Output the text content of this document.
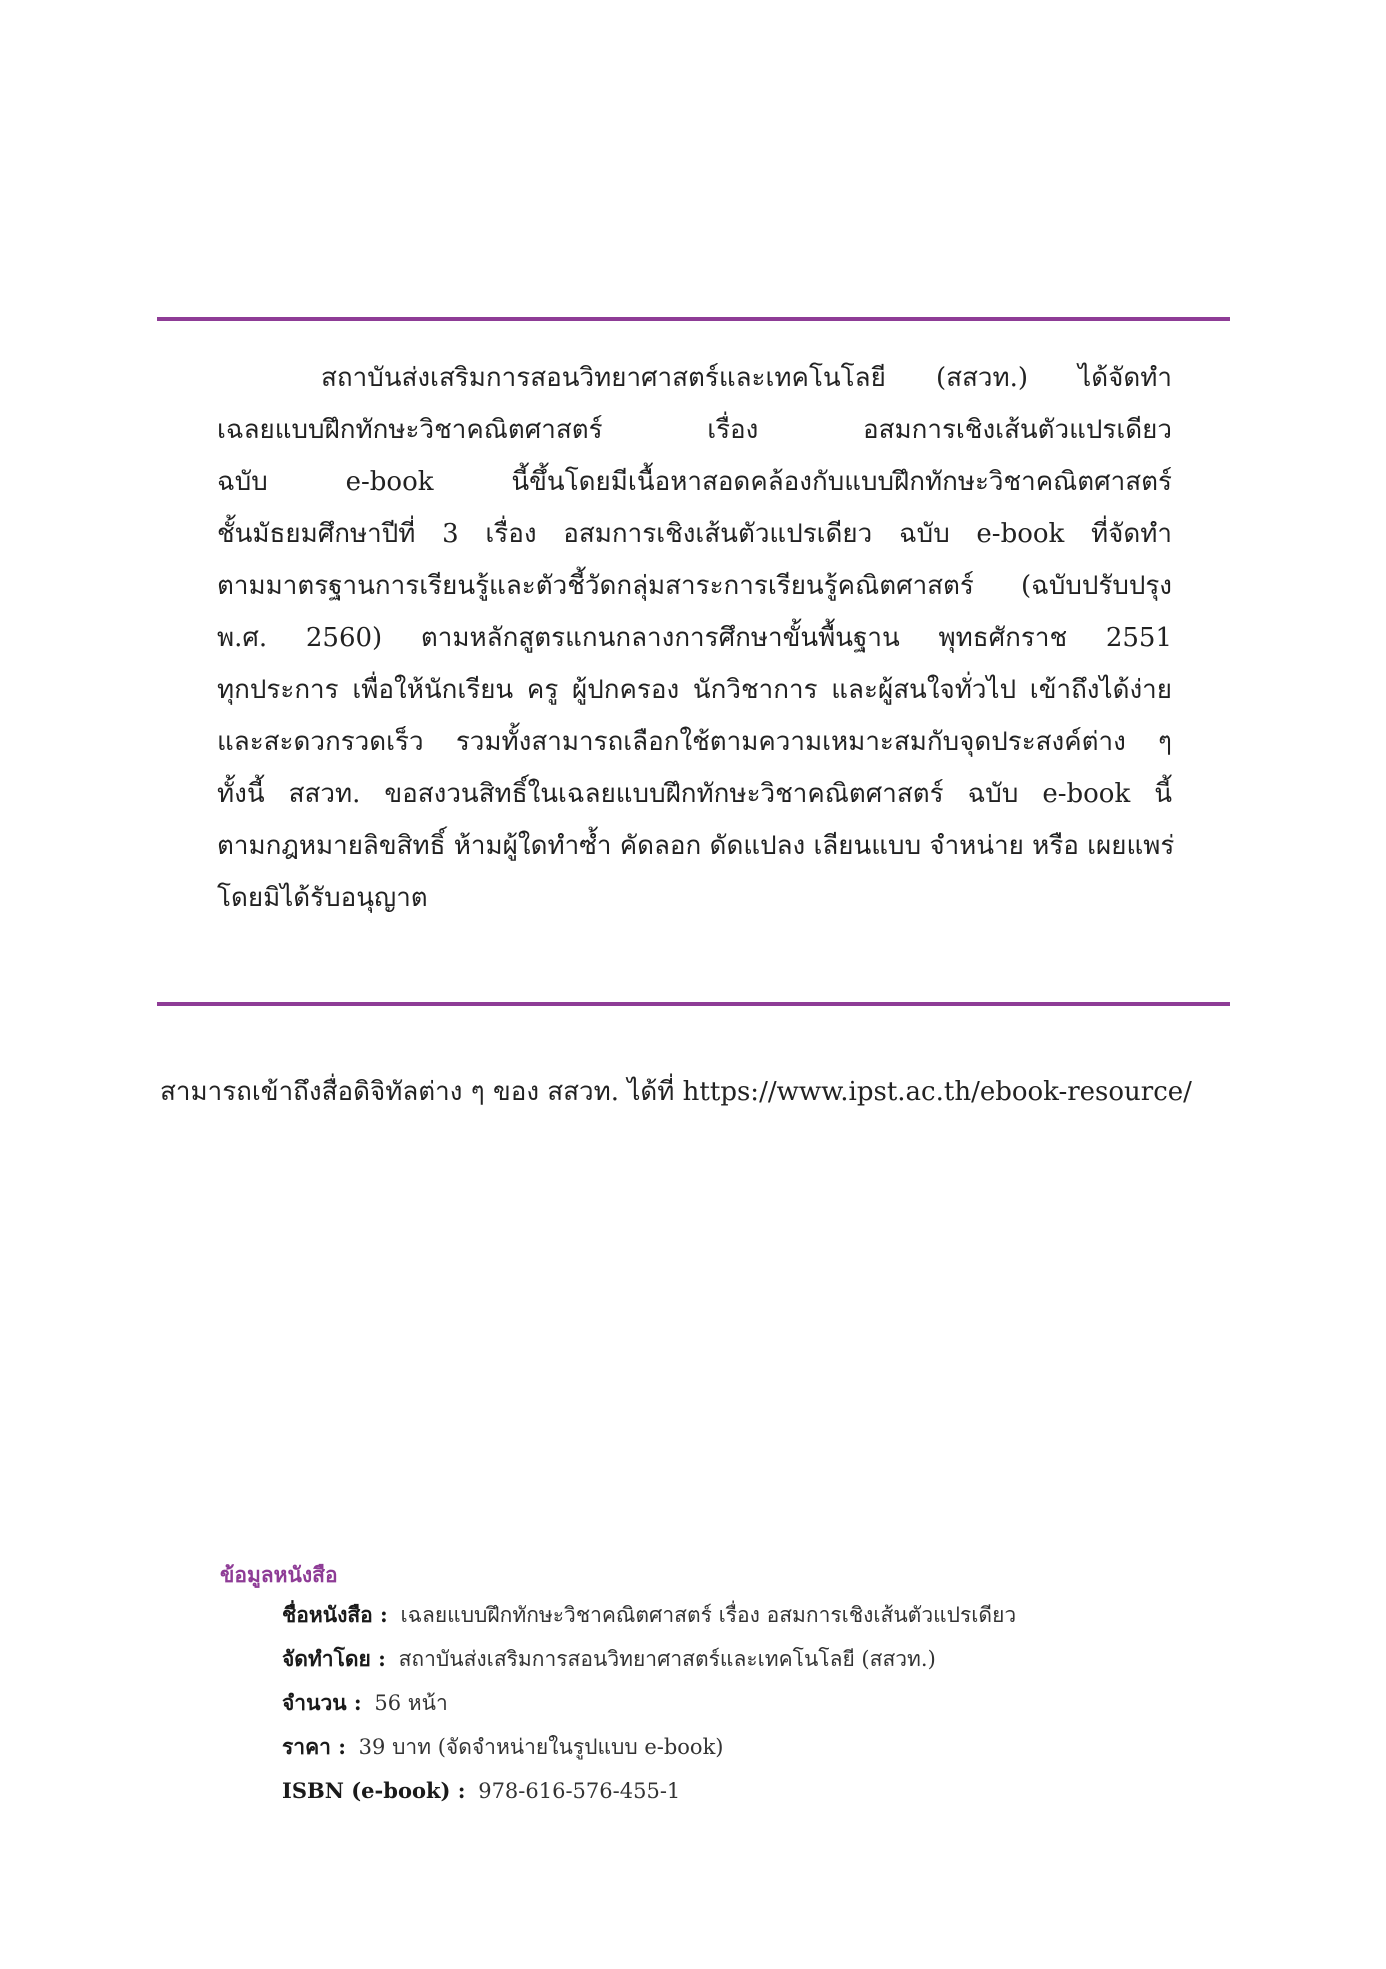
สถาบันส่งเสริมการสอนวิทยาศาสตร์และเทคโนโลยี (สสวท.) ได้จัดทำ
เฉลยแบบฝึกทักษะวิชาคณิตศาสตร์ เรื่อง อสมการเชิงเส้นตัวแปรเดียว
ฉบับ e-book นี้ขึ้นโดยมีเนื้อหาสอดคล้องกับแบบฝึกทักษะวิชาคณิตศาสตร์
ชั้นมัธยมศึกษาปีที่ 3 เรื่อง อสมการเชิงเส้นตัวแปรเดียว ฉบับ e-book ที่จัดทำ
ตามมาตรฐานการเรียนรู้และตัวชี้วัดกลุ่มสาระการเรียนรู้คณิตศาสตร์ (ฉบับปรับปรุง
พ.ศ. 2560) ตามหลักสูตรแกนกลางการศึกษาขั้นพื้นฐาน พุทธศักราช 2551
ทุกประการ เพื่อให้นักเรียน ครู ผู้ปกครอง นักวิชาการ และผู้สนใจทั่วไป เข้าถึงได้ง่าย
และสะดวกรวดเร็ว รวมทั้งสามารถเลือกใช้ตามความเหมาะสมกับจุดประสงค์ต่าง ๆ
ทั้งนี้ สสวท. ขอสงวนสิทธิ์ในเฉลยแบบฝึกทักษะวิชาคณิตศาสตร์ ฉบับ e-book นี้
ตามกฎหมายลิขสิทธิ์ ห้ามผู้ใดทำซ้ำ คัดลอก ดัดแปลง เลียนแบบ จำหน่าย หรือ เผยแพร่
โดยมิได้รับอนุญาต
สามารถเข้าถึงสื่อดิจิทัลต่าง ๆ ของ สสวท. ได้ที่ https://www.ipst.ac.th/ebook-resource/
ข้อมูลหนังสือ
ชื่อหนังสือ : เฉลยแบบฝึกทักษะวิชาคณิตศาสตร์ เรื่อง อสมการเชิงเส้นตัวแปรเดียว
จัดทำโดย : สถาบันส่งเสริมการสอนวิทยาศาสตร์และเทคโนโลยี (สสวท.)
จำนวน : 56 หน้า
ราคา : 39 บาท (จัดจำหน่ายในรูปแบบ e-book)
ISBN (e-book) : 978-616-576-455-1
